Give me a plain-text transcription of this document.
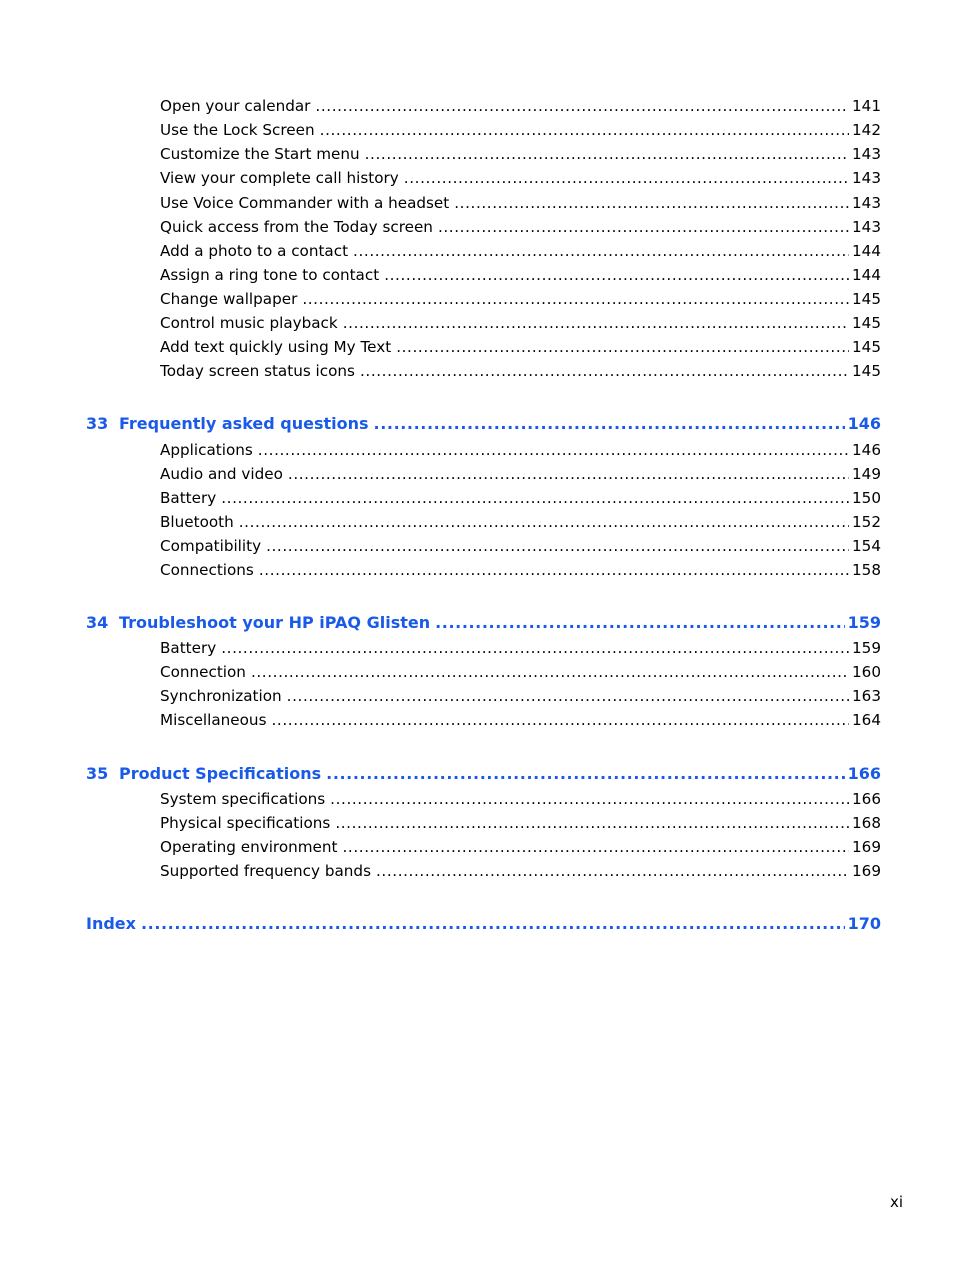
Open your calendar .....	141
Use the Lock Screen .....	142
Customize the Start menu .....	143
View your complete call history .....	143
Use Voice Commander with a headset .....	143
Quick access from the Today screen .....	143
Add a photo to a contact .....	144
Assign a ring tone to contact .....	144
Change wallpaper .....	145
Control music playback .....	145
Add text quickly using My Text .....	145
Today screen status icons .....	145
33 Frequently asked questions .....	146
Applications .....	146
Audio and video .....	149
Battery .....	150
Bluetooth .....	152
Compatibility .....	154
Connections .....	158
34 Troubleshoot your HP iPAQ Glisten .....	159
Battery .....	159
Connection .....	160
Synchronization .....	163
Miscellaneous .....	164
35 Product Specifications .....	166
System specifications .....	166
Physical specifications .....	168
Operating environment .....	169
Supported frequency bands .....	169
Index .....	170
xi
